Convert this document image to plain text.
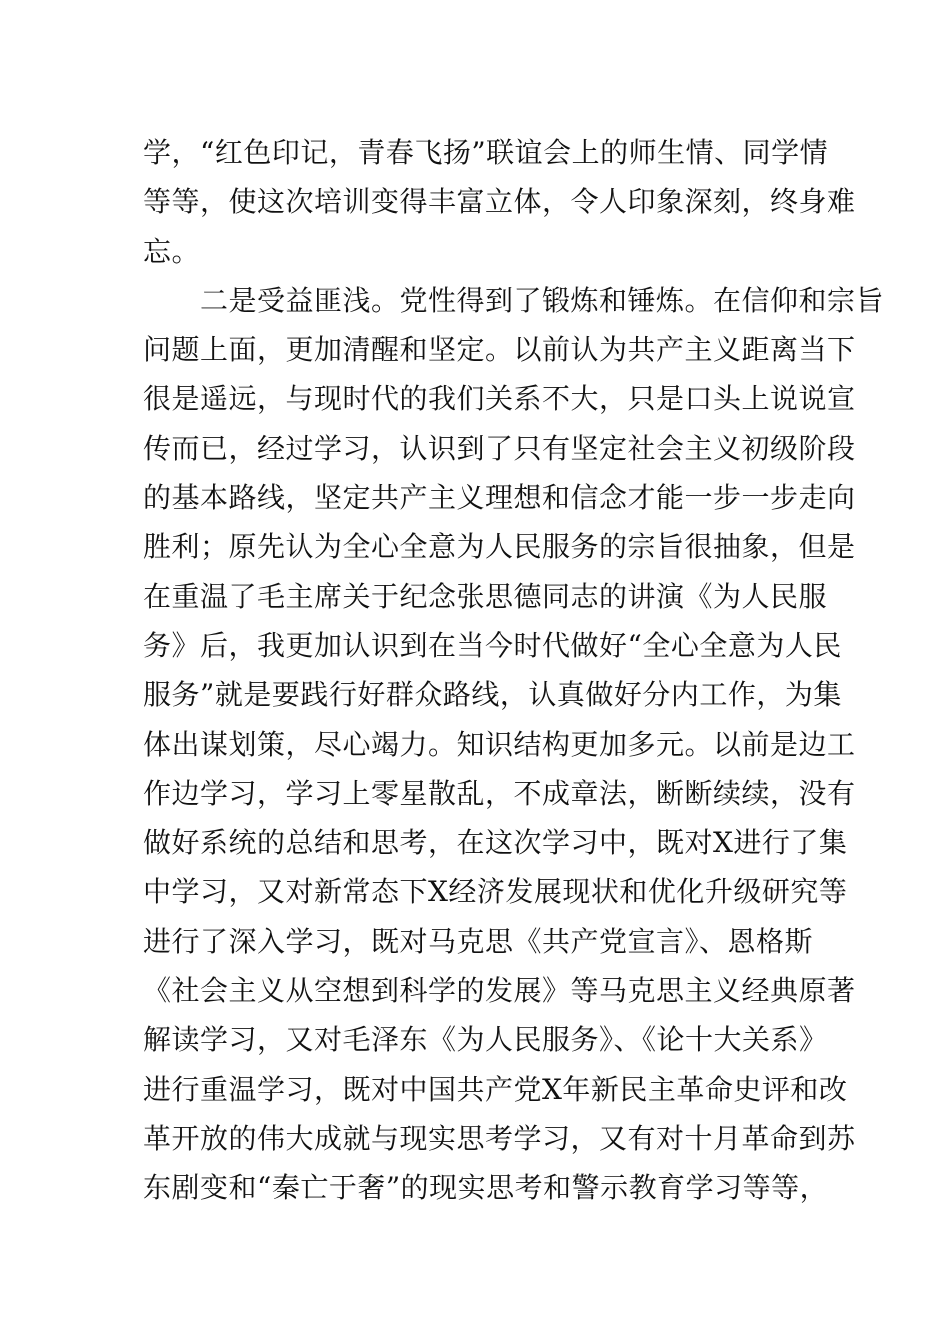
学，“红色印记，青春飞扬”联谊会上的师生情、同学情
等等，使这次培训变得丰富立体，令人印象深刻，终身难
忘。
　　二是受益匪浅。党性得到了锻炼和锤炼。在信仰和宗旨
问题上面，更加清醒和坚定。以前认为共产主义距离当下
很是遥远，与现时代的我们关系不大，只是口头上说说宣
传而已，经过学习，认识到了只有坚定社会主义初级阶段
的基本路线，坚定共产主义理想和信念才能一步一步走向
胜利；原先认为全心全意为人民服务的宗旨很抽象，但是
在重温了毛主席关于纪念张思德同志的讲演《为人民服
务》后，我更加认识到在当今时代做好“全心全意为人民
服务”就是要践行好群众路线，认真做好分内工作，为集
体出谋划策，尽心竭力。知识结构更加多元。以前是边工
作边学习，学习上零星散乱，不成章法，断断续续，没有
做好系统的总结和思考，在这次学习中，既对X进行了集
中学习，又对新常态下X经济发展现状和优化升级研究等
进行了深入学习，既对马克思《共产党宣言》、恩格斯
《社会主义从空想到科学的发展》等马克思主义经典原著
解读学习，又对毛泽东《为人民服务》、《论十大关系》
进行重温学习，既对中国共产党X年新民主革命史评和改
革开放的伟大成就与现实思考学习，又有对十月革命到苏
东剧变和“秦亡于奢”的现实思考和警示教育学习等等，
